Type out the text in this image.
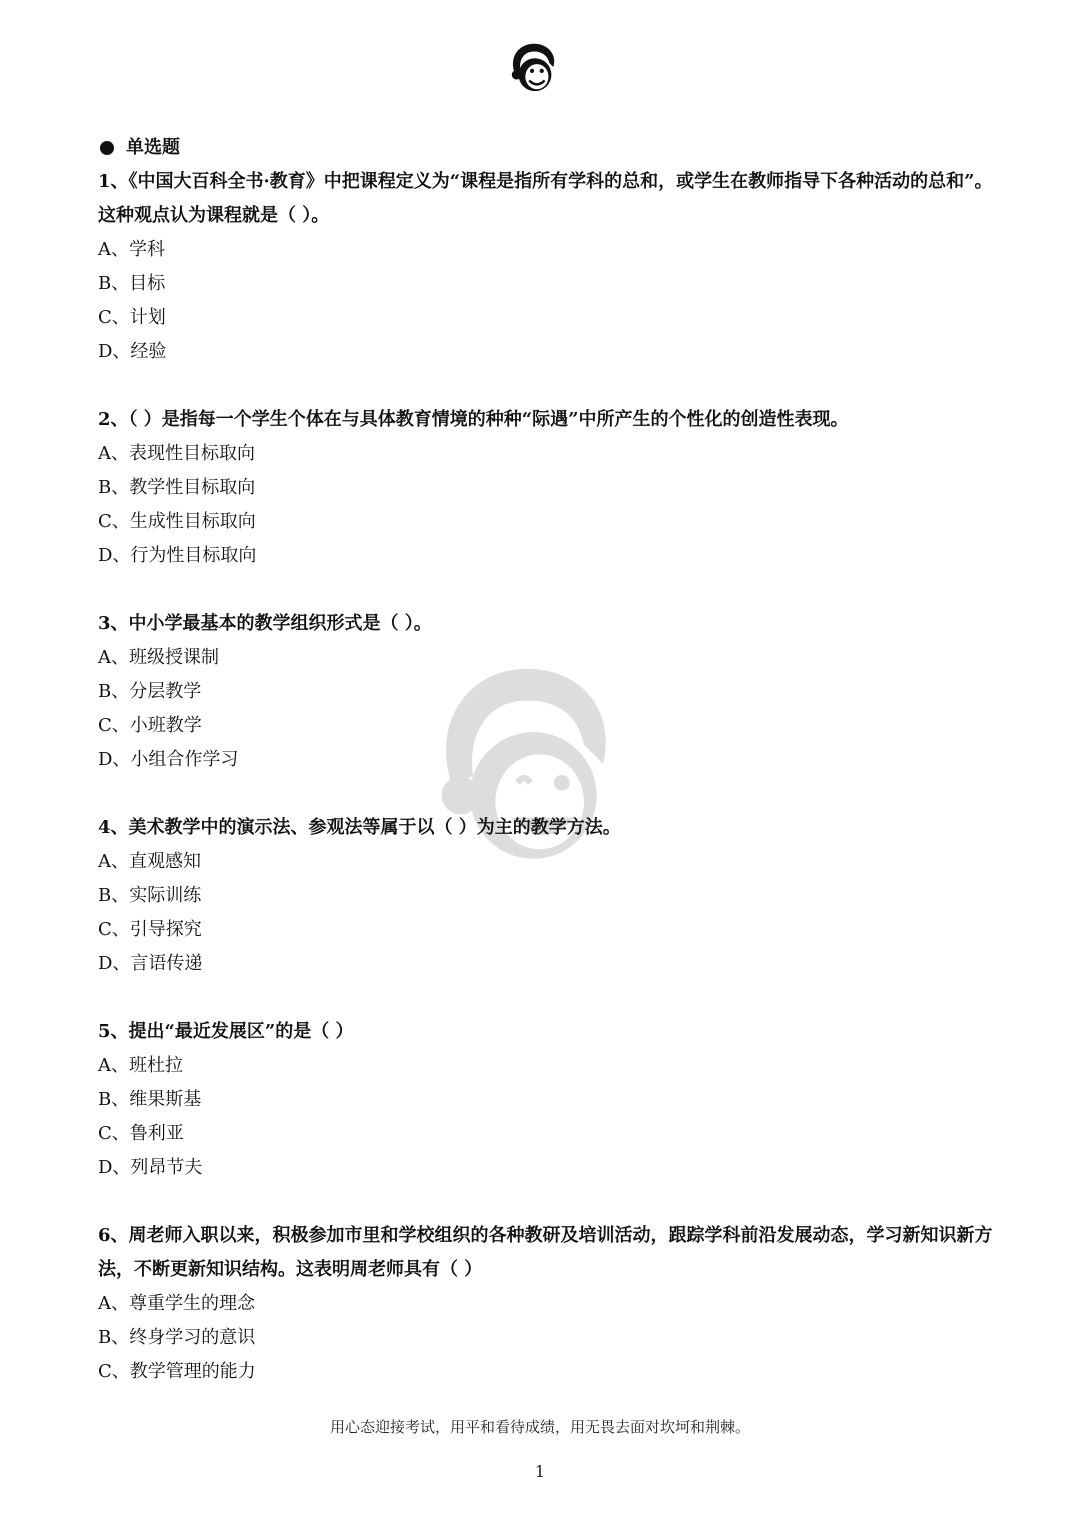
单选题

1、《中国大百科全书·教育》中把课程定义为“课程是指所有学科的总和，或学生在教师指导下各种活动的总和”。这种观点认为课程就是（ ）。

A、学科

B、目标

C、计划

D、经验

2、（ ）是指每一个学生个体在与具体教育情境的种种“际遇”中所产生的个性化的创造性表现。

A、表现性目标取向

B、教学性目标取向

C、生成性目标取向

D、行为性目标取向

3、中小学最基本的教学组织形式是（ ）。

A、班级授课制

B、分层教学

C、小班教学

D、小组合作学习

4、美术教学中的演示法、参观法等属于以（ ）为主的教学方法。

A、直观感知

B、实际训练

C、引导探究

D、言语传递

5、提出“最近发展区”的是（ ）

A、班杜拉

B、维果斯基

C、鲁利亚

D、列昂节夫

6、周老师入职以来，积极参加市里和学校组织的各种教研及培训活动，跟踪学科前沿发展动态，学习新知识新方法，不断更新知识结构。这表明周老师具有（ ）

A、尊重学生的理念

B、终身学习的意识

C、教学管理的能力

用心态迎接考试，用平和看待成绩，用无畏去面对坎坷和荆棘。
1
